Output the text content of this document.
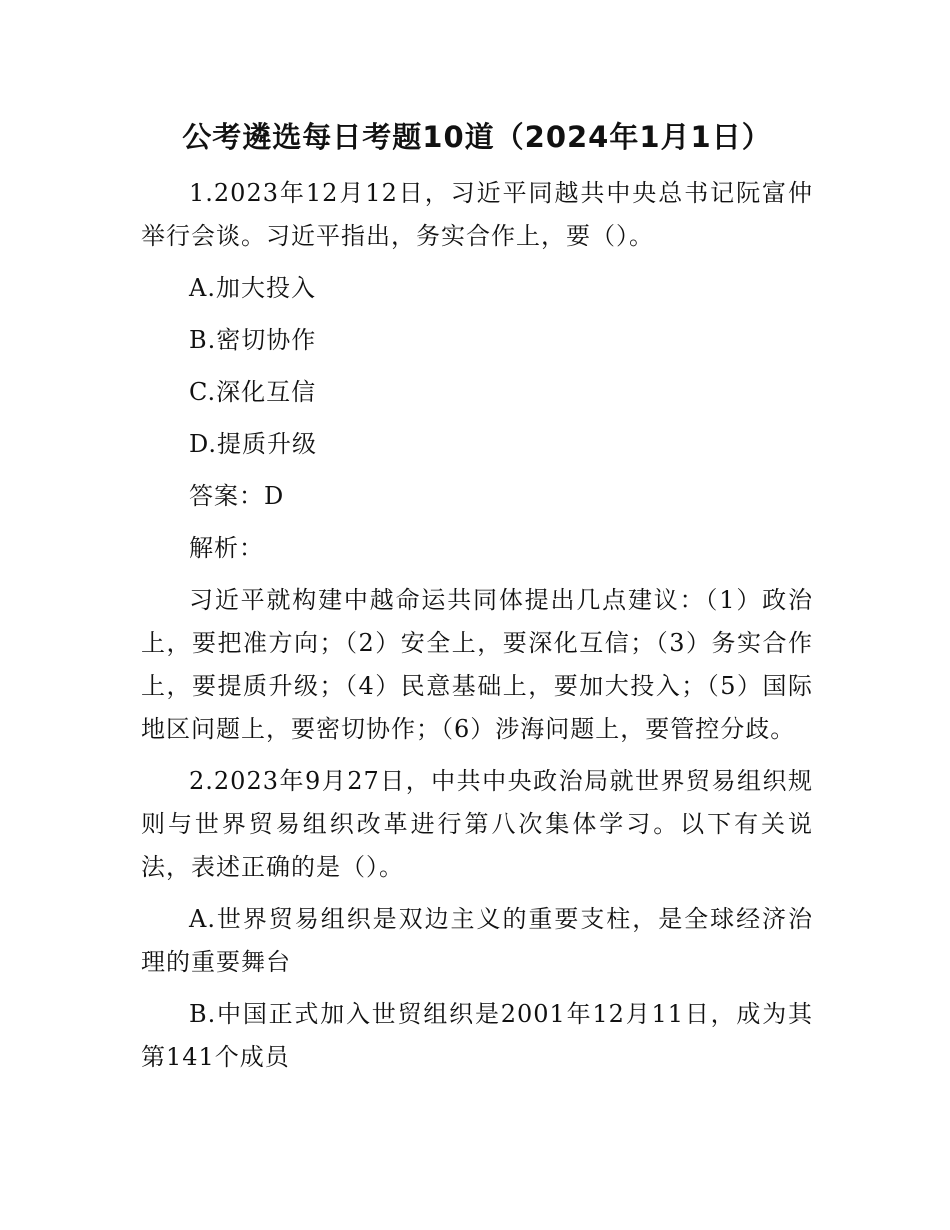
公考遴选每日考题10道（2024年1月1日）

1.2023年12月12日，习近平同越共中央总书记阮富仲举行会谈。习近平指出，务实合作上，要（）。

A.加大投入

B.密切协作

C.深化互信

D.提质升级

答案：D

解析：

习近平就构建中越命运共同体提出几点建议：（1）政治上，要把准方向；（2）安全上，要深化互信；（3）务实合作上，要提质升级；（4）民意基础上，要加大投入；（5）国际地区问题上，要密切协作；（6）涉海问题上，要管控分歧。

2.2023年9月27日，中共中央政治局就世界贸易组织规则与世界贸易组织改革进行第八次集体学习。以下有关说法，表述正确的是（）。

A.世界贸易组织是双边主义的重要支柱，是全球经济治理的重要舞台

B.中国正式加入世贸组织是2001年12月11日，成为其第141个成员
